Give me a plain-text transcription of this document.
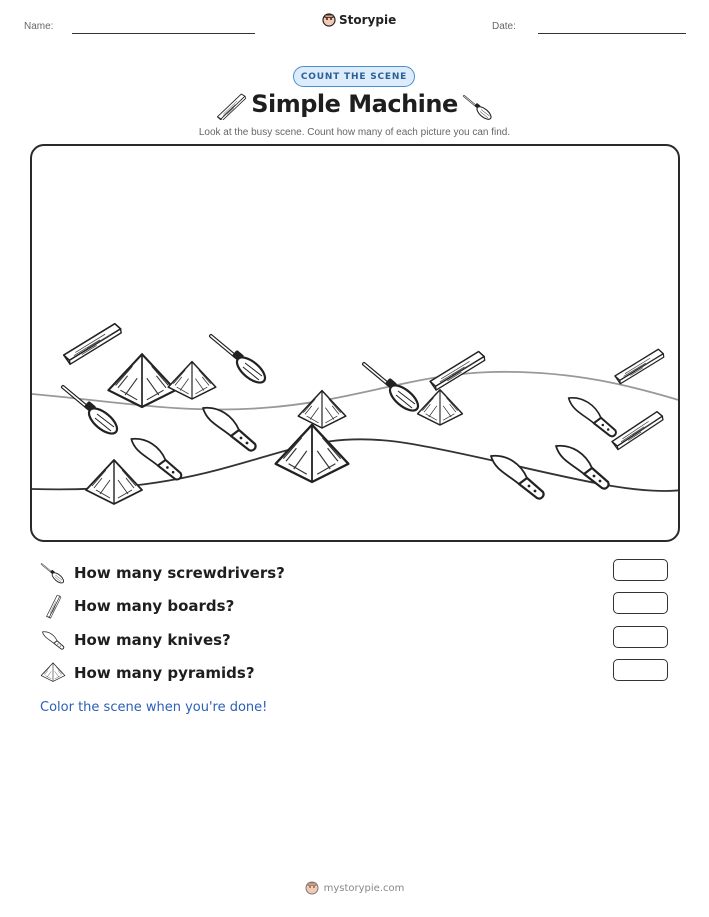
Name:	Storypie	Date:
COUNT THE SCENE
Simple Machine
Look at the busy scene. Count how many of each picture you can find.
How many screwdrivers?
How many boards?
How many knives?
How many pyramids?
Color the scene when you're done!
mystorypie.com
